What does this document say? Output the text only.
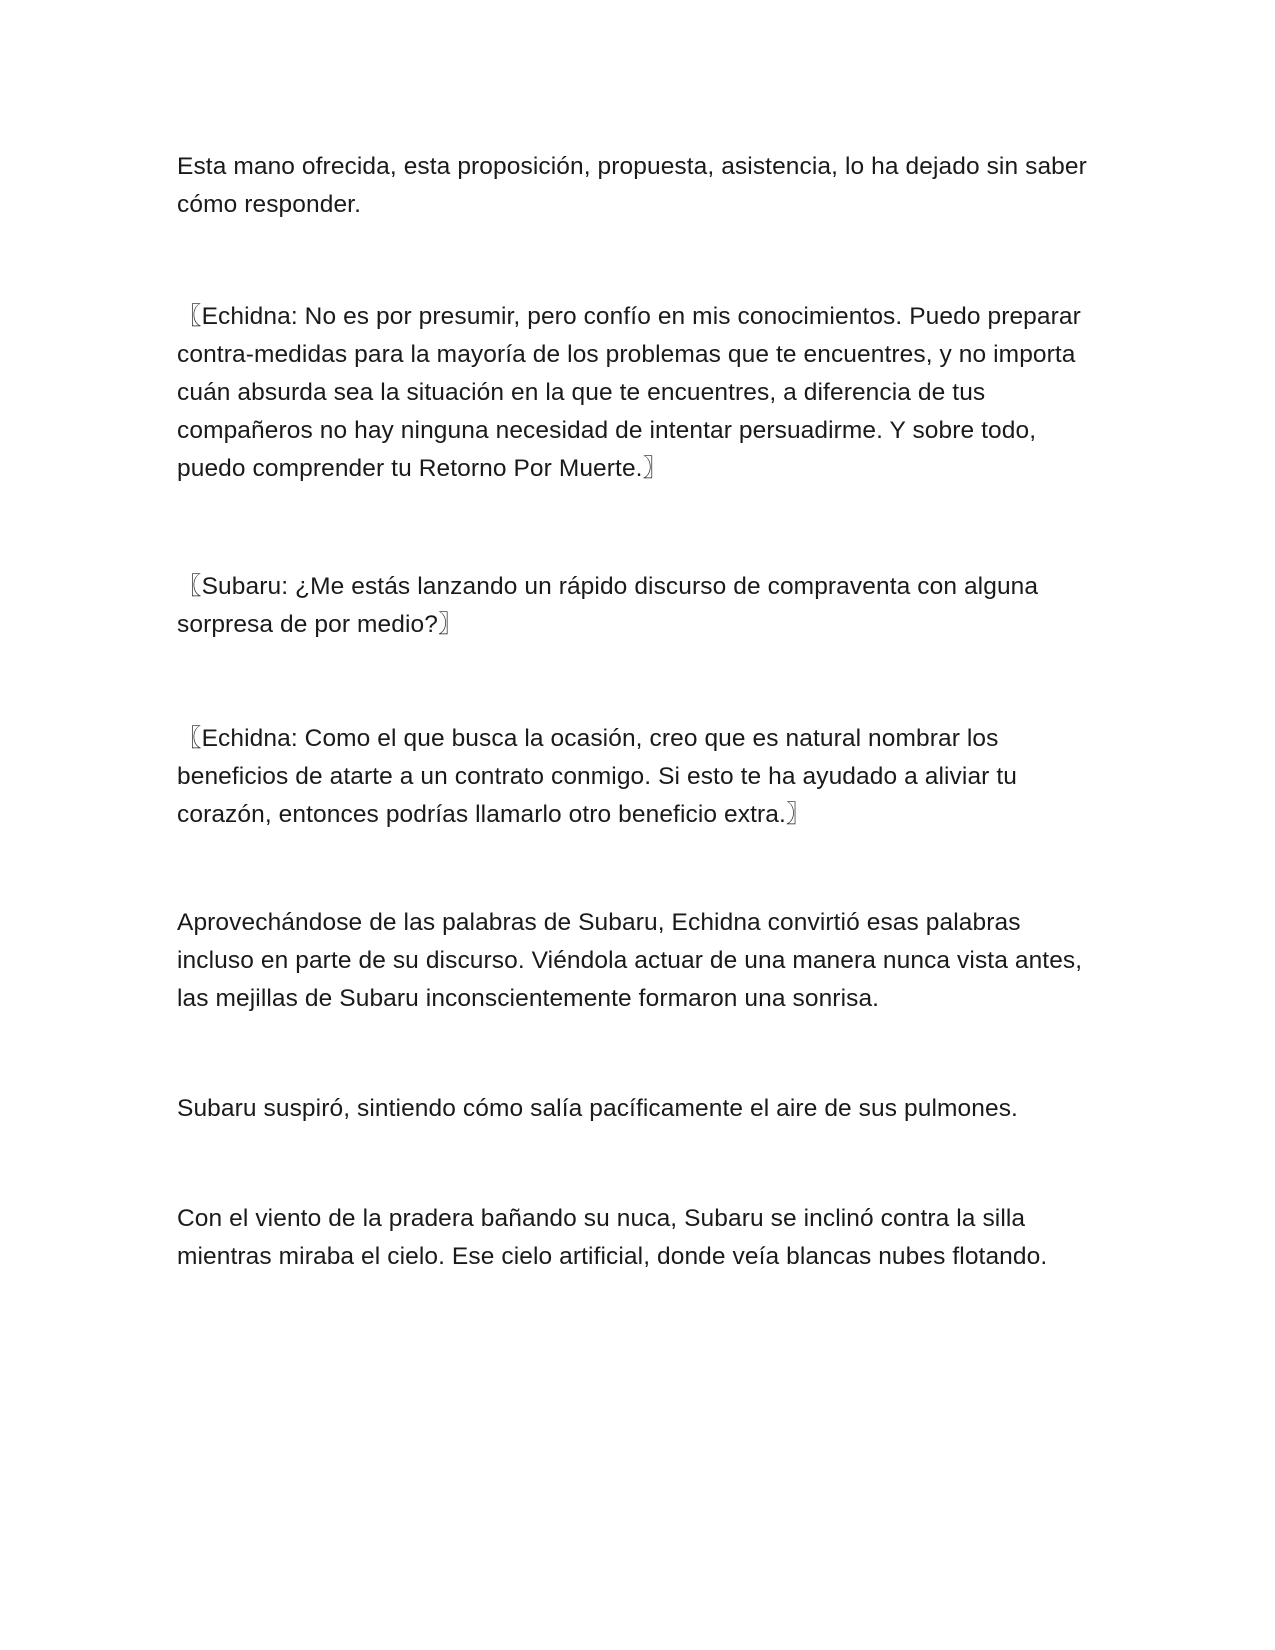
Esta mano ofrecida, esta proposición, propuesta, asistencia, lo ha dejado sin saber cómo responder.

〖Echidna: No es por presumir, pero confío en mis conocimientos. Puedo preparar contra-medidas para la mayoría de los problemas que te encuentres, y no importa cuán absurda sea la situación en la que te encuentres, a diferencia de tus compañeros no hay ninguna necesidad de intentar persuadirme. Y sobre todo, puedo comprender tu Retorno Por Muerte.〗

〖Subaru: ¿Me estás lanzando un rápido discurso de compraventa con alguna sorpresa de por medio?〗

〖Echidna: Como el que busca la ocasión, creo que es natural nombrar los beneficios de atarte a un contrato conmigo. Si esto te ha ayudado a aliviar tu corazón, entonces podrías llamarlo otro beneficio extra.〗

Aprovechándose de las palabras de Subaru, Echidna convirtió esas palabras incluso en parte de su discurso. Viéndola actuar de una manera nunca vista antes, las mejillas de Subaru inconscientemente formaron una sonrisa.

Subaru suspiró, sintiendo cómo salía pacíficamente el aire de sus pulmones.

Con el viento de la pradera bañando su nuca, Subaru se inclinó contra la silla mientras miraba el cielo. Ese cielo artificial, donde veía blancas nubes flotando.
